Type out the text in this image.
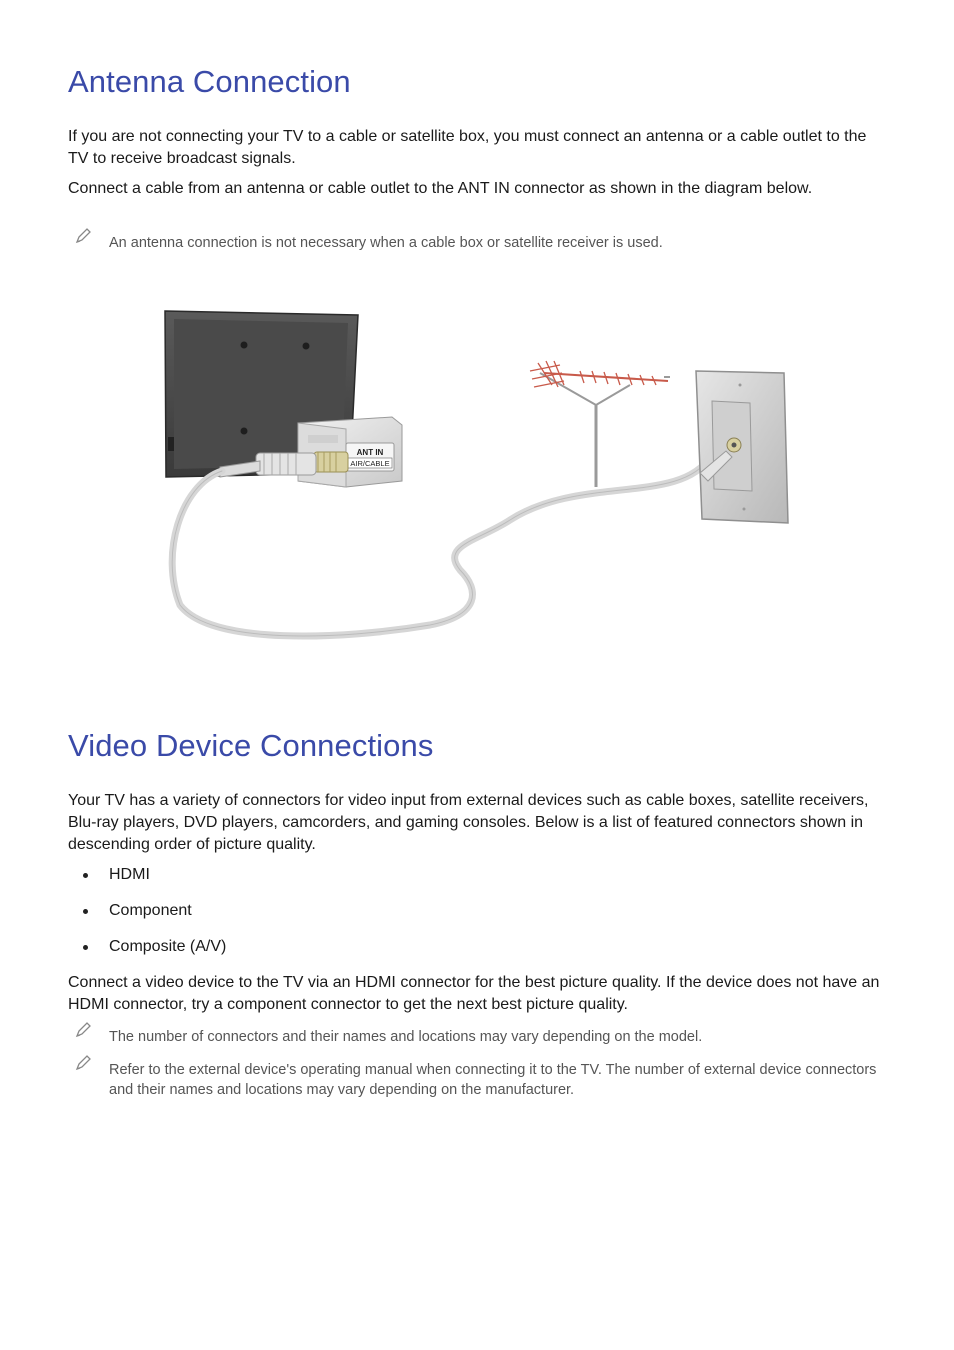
Antenna Connection

If you are not connecting your TV to a cable or satellite box, you must connect an antenna or a cable outlet to the TV to receive broadcast signals.

Connect a cable from an antenna or cable outlet to the ANT IN connector as shown in the diagram below.

An antenna connection is not necessary when a cable box or satellite receiver is used.
Video Device Connections

Your TV has a variety of connectors for video input from external devices such as cable boxes, satellite receivers, Blu-ray players, DVD players, camcorders, and gaming consoles. Below is a list of featured connectors shown in descending order of picture quality.

HDMI
Component
Composite (A/V)

Connect a video device to the TV via an HDMI connector for the best picture quality. If the device does not have an HDMI connector, try a component connector to get the next best picture quality.

The number of connectors and their names and locations may vary depending on the model.
Refer to the external device's operating manual when connecting it to the TV. The number of external device connectors and their names and locations may vary depending on the manufacturer.
ANT IN
AIR/CABLE
